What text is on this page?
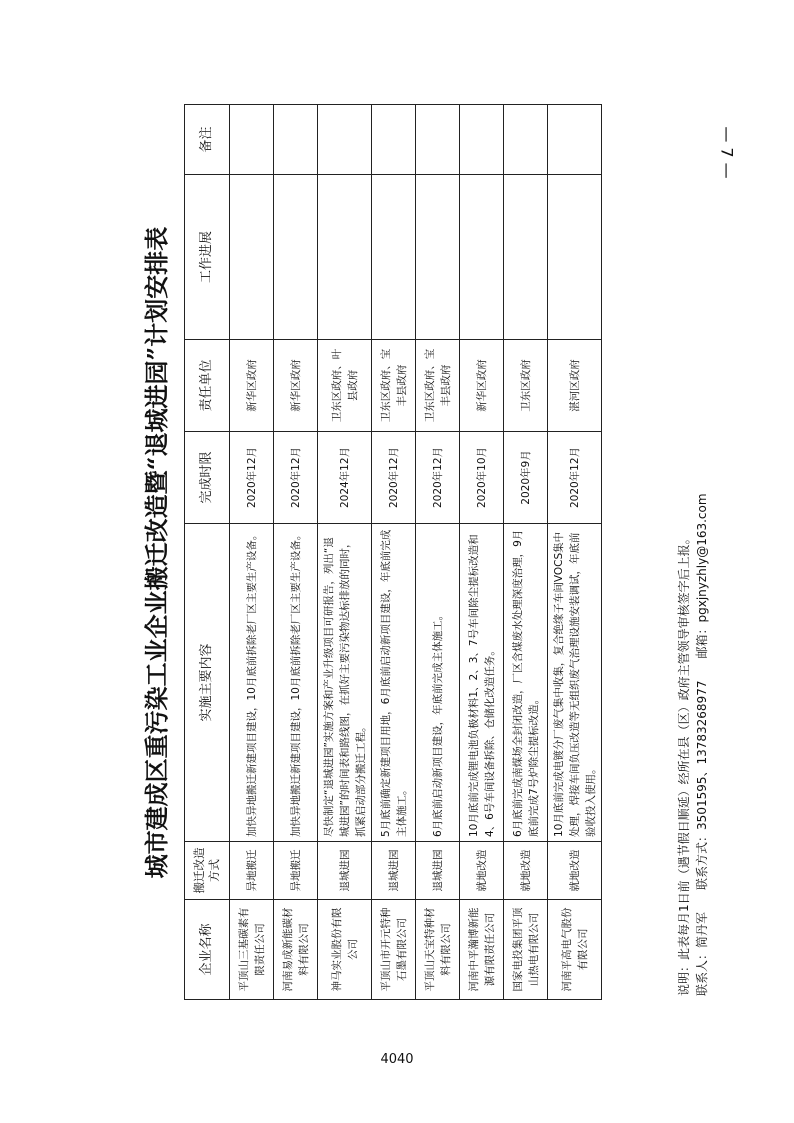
— 7 —
4040
城市建成区重污染工业企业搬迁改造暨“退城进园”计划安排表
企业名称	搬迁改造方式	实施主要内容	完成时限	责任单位	工作进展	备注
平顶山三基碳素有限责任公司	异地搬迁	加快异地搬迁新建项目建设，10月底前拆除老厂区主要生产设备。	2020年12月	新华区政府		
河南易成新能碳材料有限公司	异地搬迁	加快异地搬迁新建项目建设，10月底前拆除老厂区主要生产设备。	2020年12月	新华区政府		
神马实业股份有限公司	退城进园	尽快制定“退城进园”实施方案和产业升级项目可研报告，列出“退城进园”的时间表和路线图，在抓好主要污染物达标排放的同时，抓紧启动部分搬迁工程。	2024年12月	卫东区政府、叶县政府		
平顶山市开元特种石墨有限公司	退城进园	5月底前确定新建项目用地，6月底前启动新项目建设，年底前完成主体施工。	2020年12月	卫东区政府、宝丰县政府		
平顶山天宝特种材料有限公司	退城进园	6月底前启动新项目建设，年底前完成主体施工。	2020年12月	卫东区政府、宝丰县政府		
河南中平瀚博新能源有限责任公司	就地改造	10月底前完成锂电池负极材料1、2、3、7号车间除尘提标改造和4、6号车间设备拆除、仓储化改造任务。	2020年10月	新华区政府		
国家电投集团平顶山热电有限公司	就地改造	6月底前完成南煤场全封闭改造，厂区含煤废水处理深度治理，9月底前完成7号炉除尘提标改造。	2020年9月	卫东区政府		
河南平高电气股份有限公司	就地改造	10月底前完成电镀分厂废气集中收集，复合绝缘子车间VOCS集中处理，焊接车间负压改造等无组织废气治理设施安装调试，年底前验收投入使用。	2020年12月	湛河区政府		
说明：此表每月1日前（遇节假日顺延）经所在县（区）政府主管领导审核签字后上报。 联系人：简丹军联系方式：3501595、13783268977邮箱：pgxjnyzhly@163.com
